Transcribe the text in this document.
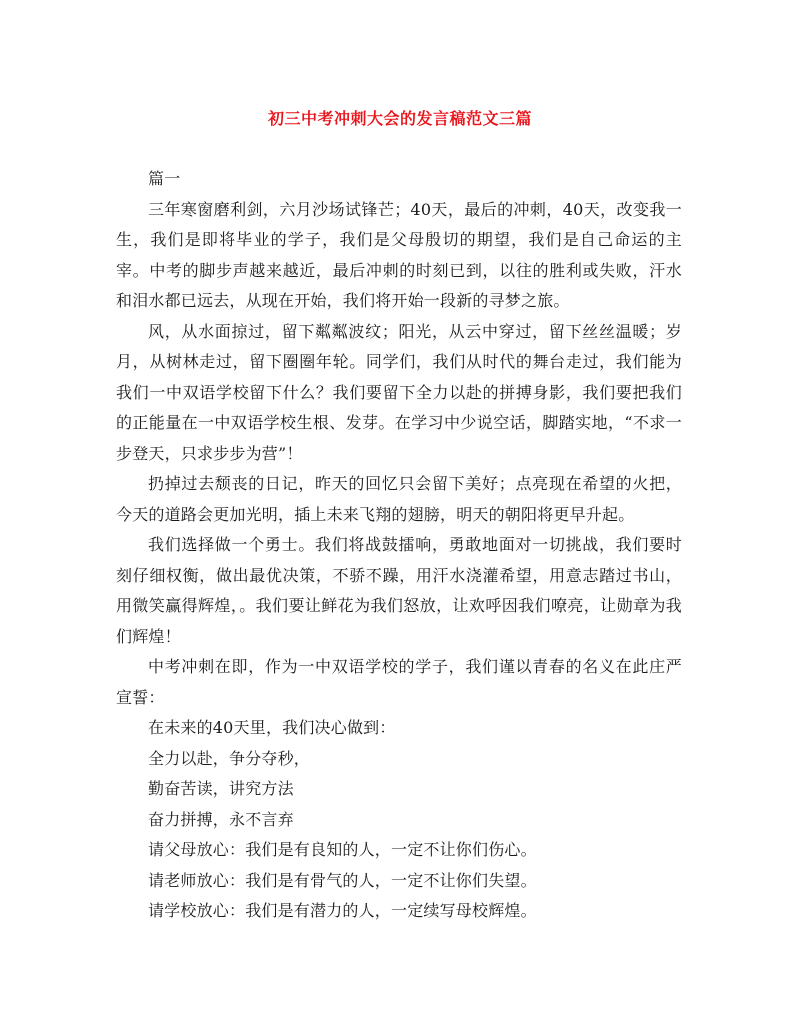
初三中考冲刺大会的发言稿范文三篇

篇一

三年寒窗磨利剑，六月沙场试锋芒；40天，最后的冲刺，40天，改变我一生，我们是即将毕业的学子，我们是父母殷切的期望，我们是自己命运的主宰。中考的脚步声越来越近，最后冲刺的时刻已到，以往的胜利或失败，汗水和泪水都已远去，从现在开始，我们将开始一段新的寻梦之旅。

风，从水面掠过，留下粼粼波纹；阳光，从云中穿过，留下丝丝温暖；岁月，从树林走过，留下圈圈年轮。同学们，我们从时代的舞台走过，我们能为我们一中双语学校留下什么？我们要留下全力以赴的拼搏身影，我们要把我们的正能量在一中双语学校生根、发芽。在学习中少说空话，脚踏实地，“不求一步登天，只求步步为营”！

扔掉过去颓丧的日记，昨天的回忆只会留下美好；点亮现在希望的火把，今天的道路会更加光明，插上未来飞翔的翅膀，明天的朝阳将更早升起。

我们选择做一个勇士。我们将战鼓擂响，勇敢地面对一切挑战，我们要时刻仔细权衡，做出最优决策，不骄不躁，用汗水浇灌希望，用意志踏过书山，用微笑赢得辉煌，。我们要让鲜花为我们怒放，让欢呼因我们嘹亮，让勋章为我们辉煌！

中考冲刺在即，作为一中双语学校的学子，我们谨以青春的名义在此庄严宣誓：

在未来的40天里，我们决心做到：

全力以赴，争分夺秒，

勤奋苦读，讲究方法

奋力拼搏，永不言弃

请父母放心：我们是有良知的人，一定不让你们伤心。

请老师放心：我们是有骨气的人，一定不让你们失望。

请学校放心：我们是有潜力的人，一定续写母校辉煌。
